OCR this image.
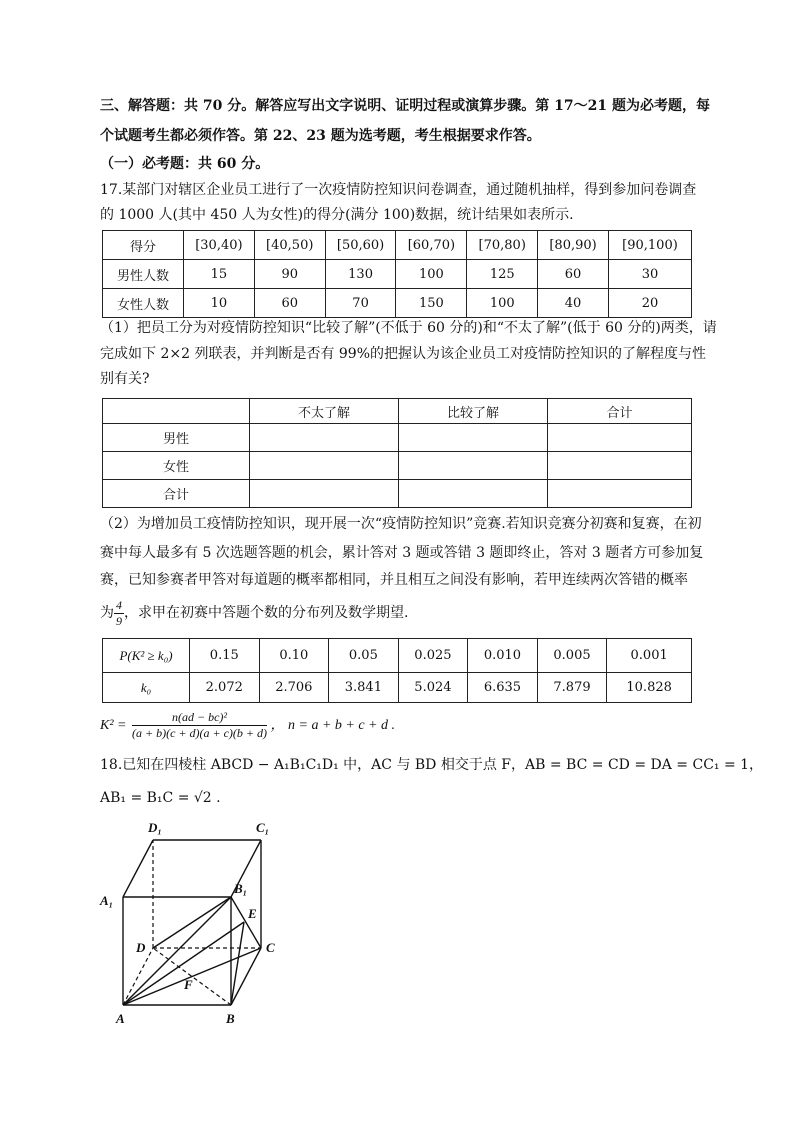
三、解答题：共 70 分。解答应写出文字说明、证明过程或演算步骤。第 17～21 题为必考题，每
个试题考生都必须作答。第 22、23 题为选考题，考生根据要求作答。
（一）必考题：共 60 分。
17.某部门对辖区企业员工进行了一次疫情防控知识问卷调查，通过随机抽样，得到参加问卷调查
的 1000 人(其中 450 人为女性)的得分(满分 100)数据，统计结果如表所示.
得分	[30,40)	[40,50)	[50,60)	[60,70)	[70,80)	[80,90)	[90,100)
男性人数	15	90	130	100	125	60	30
女性人数	10	60	70	150	100	40	20
（1）把员工分为对疫情防控知识“比较了解”(不低于 60 分的)和“不太了解”(低于 60 分的)两类，请
完成如下 2×2 列联表，并判断是否有 99%的把握认为该企业员工对疫情防控知识的了解程度与性
别有关?
	不太了解	比较了解	合计
男性			
女性			
合计			
（2）为增加员工疫情防控知识，现开展一次“疫情防控知识”竞赛.若知识竞赛分初赛和复赛，在初
赛中每人最多有 5 次选题答题的机会，累计答对 3 题或答错 3 题即终止，答对 3 题者方可参加复
赛，已知参赛者甲答对每道题的概率都相同，并且相互之间没有影响，若甲连续两次答错的概率
为 $\frac{4}{9}$ ，求甲在初赛中答题个数的分布列及数学期望.
P(K² ≥ k₀)	0.15	0.10	0.05	0.025	0.010	0.005	0.001
k₀	2.072	2.706	3.841	5.024	6.635	7.879	10.828
$K^2 = \frac{\text{n(ad − bc)²}}{(a + b)(c + d)(a + c)(b + d)}$ ， n = a + b + c + d .
18.已知在四棱柱 ABCD − A₁B₁C₁D₁ 中，AC 与 BD 相交于点 F，AB = BC = CD = DA = CC₁ = 1，
AB₁ = B₁C = √2 .
D₁	C₁
A₁
B₁
E
D	C
F
A	B
